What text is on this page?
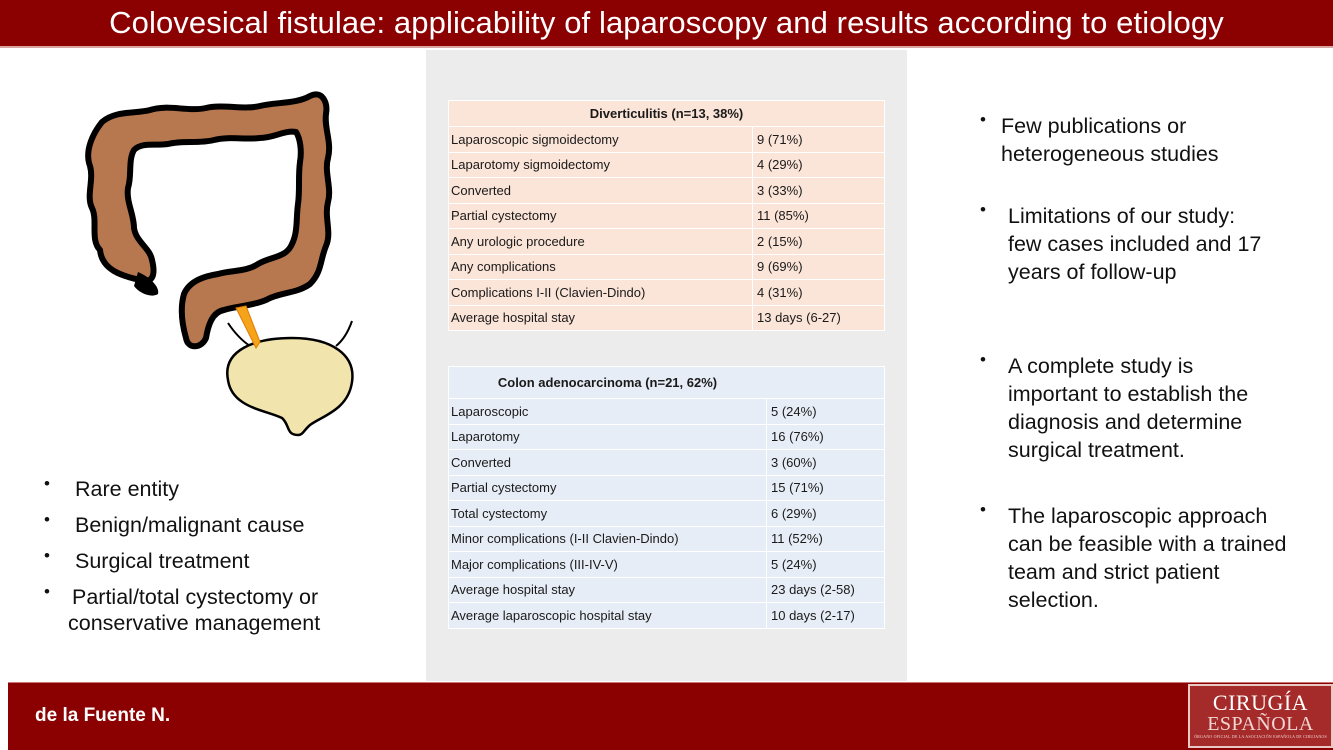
Colovesical fistulae: applicability of laparoscopy and results according to etiology
• Rare entity
• Benign/malignant cause
• Surgical treatment
• Partial/total cystectomy or
conservative management
Diverticulitis (n=13, 38%)	
Laparoscopic sigmoidectomy	9 (71%)
Laparotomy sigmoidectomy	4 (29%)
Converted	3 (33%)
Partial cystectomy	11 (85%)
Any urologic procedure	2 (15%)
Any complications	9 (69%)
Complications I-II (Clavien-Dindo)	4 (31%)
Average hospital stay	13 days (6-27)
Colon adenocarcinoma (n=21, 62%)	
Laparoscopic	5 (24%)
Laparotomy	16 (76%)
Converted	3 (60%)
Partial cystectomy	15 (71%)
Total cystectomy	6 (29%)
Minor complications (I-II Clavien-Dindo)	11 (52%)
Major complications (III-IV-V)	5 (24%)
Average hospital stay	23 days (2-58)
Average laparoscopic hospital stay	10 days (2-17)
• Few publications or
heterogeneous studies
•	Limitations of our study:
few cases included and 17
years of follow-up
•	A complete study is
important to establish the
diagnosis and determine
surgical treatment.
•	The laparoscopic approach
can be feasible with a trained
team and strict patient
selection.
de la Fuente N.
CIRUGÍA
ESPAÑOLA
ÓRGANO OFICIAL DE LA ASOCIACIÓN ESPAÑOLA DE CIRUJANOS
